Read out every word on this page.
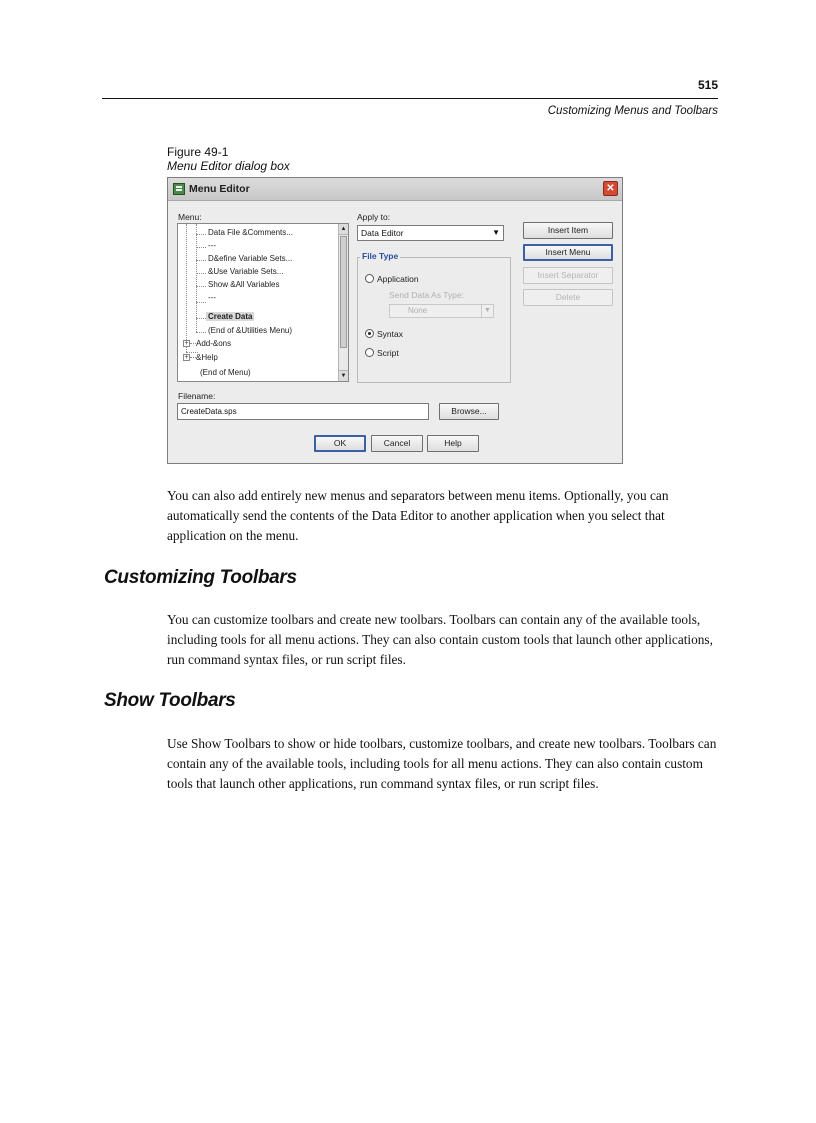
515
Customizing Menus and Toolbars
Figure 49-1
Menu Editor dialog box
Menu Editor	✕
Menu:	Apply to:
Data File &Comments...
---
D&efine Variable Sets...
&Use Variable Sets...
Show &All Variables
---
Create Data
(End of &Utilities Menu)
+ Add-&ons
+ &Help
(End of Menu)
▲
▼
Data Editor	▼
File Type
Application
Send Data As Type:
None	▼
Syntax
Script
Insert Item
Insert Menu
Insert Separator
Delete
Filename:
CreateData.sps	Browse...
OK	Cancel	Help

You can also add entirely new menus and separators between menu items. Optionally, you can automatically send the contents of the Data Editor to another application when you select that application on the menu.

Customizing Toolbars

You can customize toolbars and create new toolbars. Toolbars can contain any of the available tools, including tools for all menu actions. They can also contain custom tools that launch other applications, run command syntax files, or run script files.

Show Toolbars

Use Show Toolbars to show or hide toolbars, customize toolbars, and create new toolbars. Toolbars can contain any of the available tools, including tools for all menu actions. They can also contain custom tools that launch other applications, run command syntax files, or run script files.
